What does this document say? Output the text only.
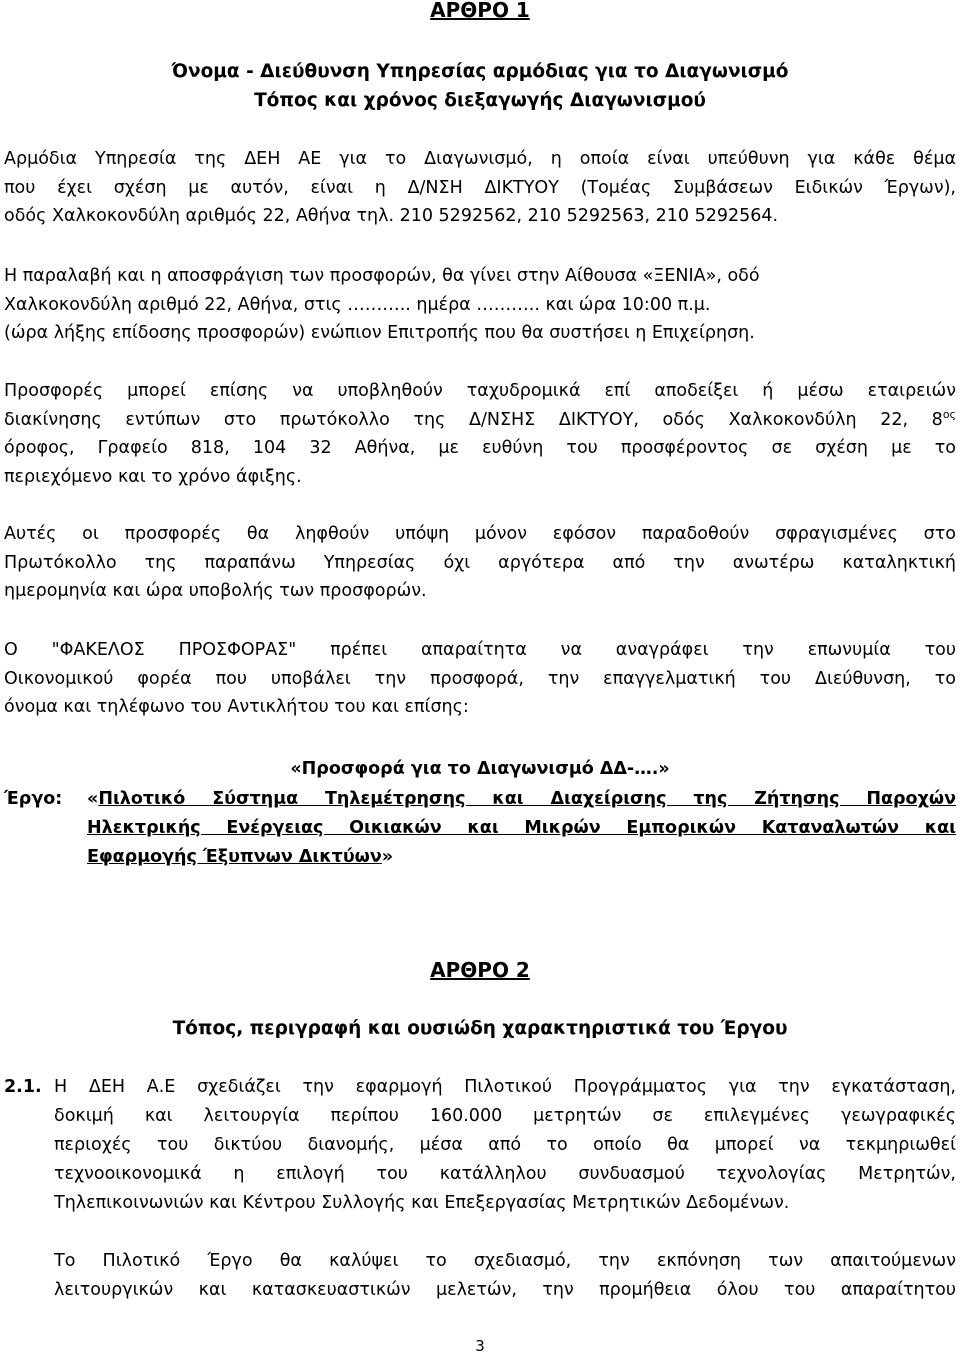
ΑΡΘΡΟ 1
Όνομα - Διεύθυνση Υπηρεσίας αρμόδιας για το Διαγωνισμό
Τόπος και χρόνος διεξαγωγής Διαγωνισμού
Αρμόδια Υπηρεσία της ΔΕΗ ΑΕ για το Διαγωνισμό, η οποία είναι υπεύθυνη για κάθε θέμα
που έχει σχέση με αυτόν, είναι η Δ/ΝΣΗ ΔΙΚΤΥΟΥ (Τομέας Συμβάσεων Ειδικών Έργων),
οδός Χαλκοκονδύλη αριθμός 22, Αθήνα τηλ. 210 5292562, 210 5292563, 210 5292564.
Η παραλαβή και η αποσφράγιση των προσφορών, θα γίνει στην Αίθουσα «ΞΕΝΙΑ», οδό
Χαλκοκονδύλη αριθμό 22, Αθήνα, στις ……….. ημέρα ……….. και ώρα 10:00 π.μ.
(ώρα λήξης επίδοσης προσφορών) ενώπιον Επιτροπής που θα συστήσει η Επιχείρηση.
Προσφορές μπορεί επίσης να υποβληθούν ταχυδρομικά επί αποδείξει ή μέσω εταιρειών
διακίνησης εντύπων στο πρωτόκολλο της Δ/ΝΣΗΣ ΔΙΚΤΥΟΥ, οδός Χαλκοκονδύλη 22, $8^{o\varsigma}$
όροφος, Γραφείο 818, 104 32 Αθήνα, με ευθύνη του προσφέροντος σε σχέση με το
περιεχόμενο και το χρόνο άφιξης.
Αυτές οι προσφορές θα ληφθούν υπόψη μόνον εφόσον παραδοθούν σφραγισμένες στο
Πρωτόκολλο της παραπάνω Υπηρεσίας όχι αργότερα από την ανωτέρω καταληκτική
ημερομηνία και ώρα υποβολής των προσφορών.
Ο "ΦΑΚΕΛΟΣ ΠΡΟΣΦΟΡΑΣ" πρέπει απαραίτητα να αναγράφει την επωνυμία του
Οικονομικού φορέα που υποβάλει την προσφορά, την επαγγελματική του Διεύθυνση, το
όνομα και τηλέφωνο του Αντικλήτου του και επίσης:
«Προσφορά για το Διαγωνισμό ΔΔ-….»
Έργο: «Πιλοτικό Σύστημα Τηλεμέτρησης και Διαχείρισης της Ζήτησης Παροχών
Ηλεκτρικής Ενέργειας Οικιακών και Μικρών Εμπορικών Καταναλωτών και
Εφαρμογής Έξυπνων Δικτύων»
ΑΡΘΡΟ 2
Τόπος, περιγραφή και ουσιώδη χαρακτηριστικά του Έργου
2.1. Η ΔΕΗ Α.Ε σχεδιάζει την εφαρμογή Πιλοτικού Προγράμματος για την εγκατάσταση,
δοκιμή και λειτουργία περίπου 160.000 μετρητών σε επιλεγμένες γεωγραφικές
περιοχές του δικτύου διανομής, μέσα από το οποίο θα μπορεί να τεκμηριωθεί
τεχνοοικονομικά η επιλογή του κατάλληλου συνδυασμού τεχνολογίας Μετρητών,
Τηλεπικοινωνιών και Κέντρου Συλλογής και Επεξεργασίας Μετρητικών Δεδομένων.
Το Πιλοτικό Έργο θα καλύψει το σχεδιασμό, την εκπόνηση των απαιτούμενων
λειτουργικών και κατασκευαστικών μελετών, την προμήθεια όλου του απαραίτητου
3
